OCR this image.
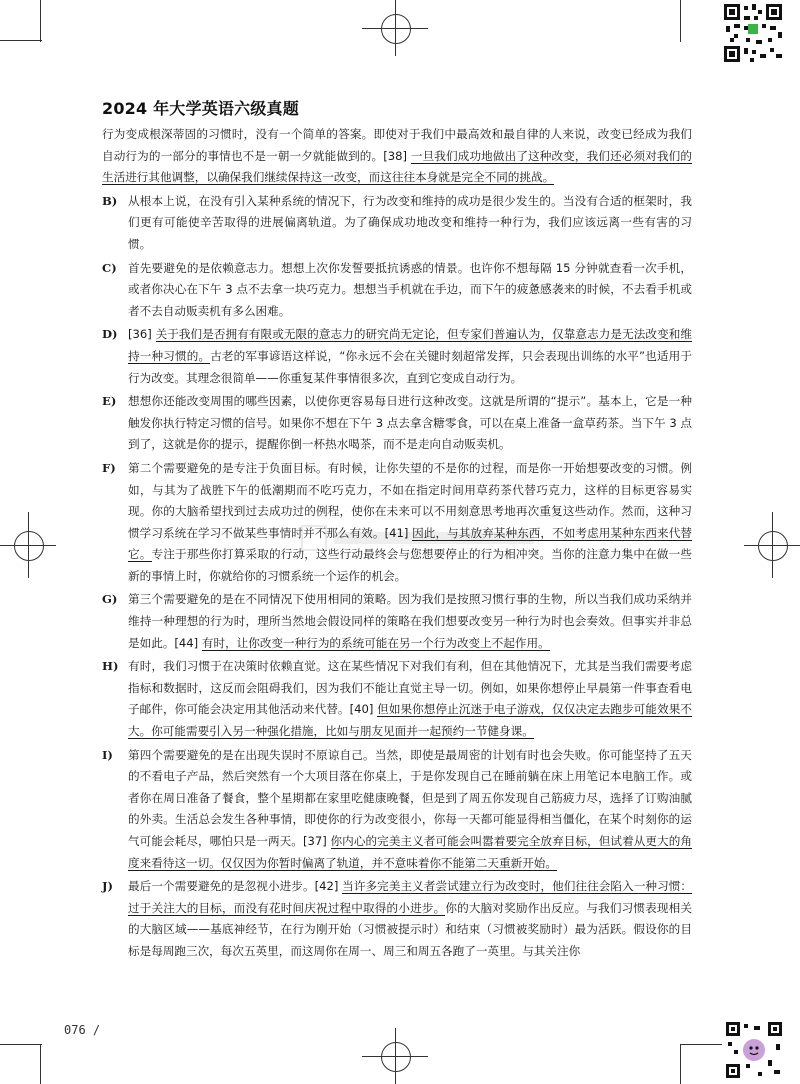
2024 年大学英语六级真题
行为变成根深蒂固的习惯时，没有一个简单的答案。即使对于我们中最高效和最自律的人来说，改变已经成为我们自动行为的一部分的事情也不是一朝一夕就能做到的。[38] 一旦我们成功地做出了这种改变，我们还必须对我们的生活进行其他调整，以确保我们继续保持这一改变，而这往往本身就是完全不同的挑战。
B) 从根本上说，在没有引入某种系统的情况下，行为改变和维持的成功是很少发生的。当没有合适的框架时，我们更有可能使辛苦取得的进展偏离轨道。为了确保成功地改变和维持一种行为，我们应该远离一些有害的习惯。
C) 首先要避免的是依赖意志力。想想上次你发誓要抵抗诱惑的情景。也许你不想每隔 15 分钟就查看一次手机，或者你决心在下午 3 点不去拿一块巧克力。想想当手机就在手边，而下午的疲惫感袭来的时候，不去看手机或者不去自动贩卖机有多么困难。
D) [36] 关于我们是否拥有有限或无限的意志力的研究尚无定论，但专家们普遍认为，仅靠意志力是无法改变和维持一种习惯的。古老的军事谚语这样说，“你永远不会在关键时刻超常发挥，只会表现出训练的水平”也适用于行为改变。其理念很简单——你重复某件事情很多次，直到它变成自动行为。
E) 想想你还能改变周围的哪些因素，以使你更容易每日进行这种改变。这就是所谓的“提示”。基本上，它是一种触发你执行特定习惯的信号。如果你不想在下午 3 点去拿含糖零食，可以在桌上准备一盒草药茶。当下午 3 点到了，这就是你的提示，提醒你倒一杯热水喝茶，而不是走向自动贩卖机。
F) 第二个需要避免的是专注于负面目标。有时候，让你失望的不是你的过程，而是你一开始想要改变的习惯。例如，与其为了战胜下午的低潮期而不吃巧克力，不如在指定时间用草药茶代替巧克力，这样的目标更容易实现。你的大脑希望找到过去成功过的例程，使你在未来可以不用刻意思考地再次重复这些动作。然而，这种习惯学习系统在学习不做某些事情时并不那么有效。[41] 因此，与其放弃某种东西，不如考虑用某种东西来代替它。专注于那些你打算采取的行动，这些行动最终会与您想要停止的行为相冲突。当你的注意力集中在做一些新的事情上时，你就给你的习惯系统一个运作的机会。
G) 第三个需要避免的是在不同情况下使用相同的策略。因为我们是按照习惯行事的生物，所以当我们成功采纳并维持一种理想的行为时，理所当然地会假设同样的策略在我们想要改变另一种行为时也会奏效。但事实并非总是如此。[44] 有时，让你改变一种行为的系统可能在另一个行为改变上不起作用。
H) 有时，我们习惯于在决策时依赖直觉。这在某些情况下对我们有利，但在其他情况下，尤其是当我们需要考虑指标和数据时，这反而会阻碍我们，因为我们不能让直觉主导一切。例如，如果你想停止早晨第一件事查看电子邮件，你可能会决定用其他活动来代替。[40] 但如果你想停止沉迷于电子游戏，仅仅决定去跑步可能效果不大。你可能需要引入另一种强化措施，比如与朋友见面并一起预约一节健身课。
I) 第四个需要避免的是在出现失误时不原谅自己。当然，即使是最周密的计划有时也会失败。你可能坚持了五天的不看电子产品，然后突然有一个大项目落在你桌上，于是你发现自己在睡前躺在床上用笔记本电脑工作。或者你在周日准备了餐食，整个星期都在家里吃健康晚餐，但是到了周五你发现自己筋疲力尽，选择了订购油腻的外卖。生活总会发生各种事情，即使你的行为改变很小，你每一天都可能显得相当僵化，在某个时刻你的运气可能会耗尽，哪怕只是一两天。[37] 你内心的完美主义者可能会叫嚣着要完全放弃目标，但试着从更大的角度来看待这一切。仅仅因为你暂时偏离了轨道，并不意味着你不能第二天重新开始。
J) 最后一个需要避免的是忽视小进步。[42] 当许多完美主义者尝试建立行为改变时，他们往往会陷入一种习惯：过于关注大的目标，而没有花时间庆祝过程中取得的小进步。你的大脑对奖励作出反应。与我们习惯表现相关的大脑区域——基底神经节，在行为刚开始（习惯被提示时）和结束（习惯被奖励时）最为活跃。假设你的目标是每周跑三次，每次五英里，而这周你在周一、周三和周五各跑了一英里。与其关注你
076 /
